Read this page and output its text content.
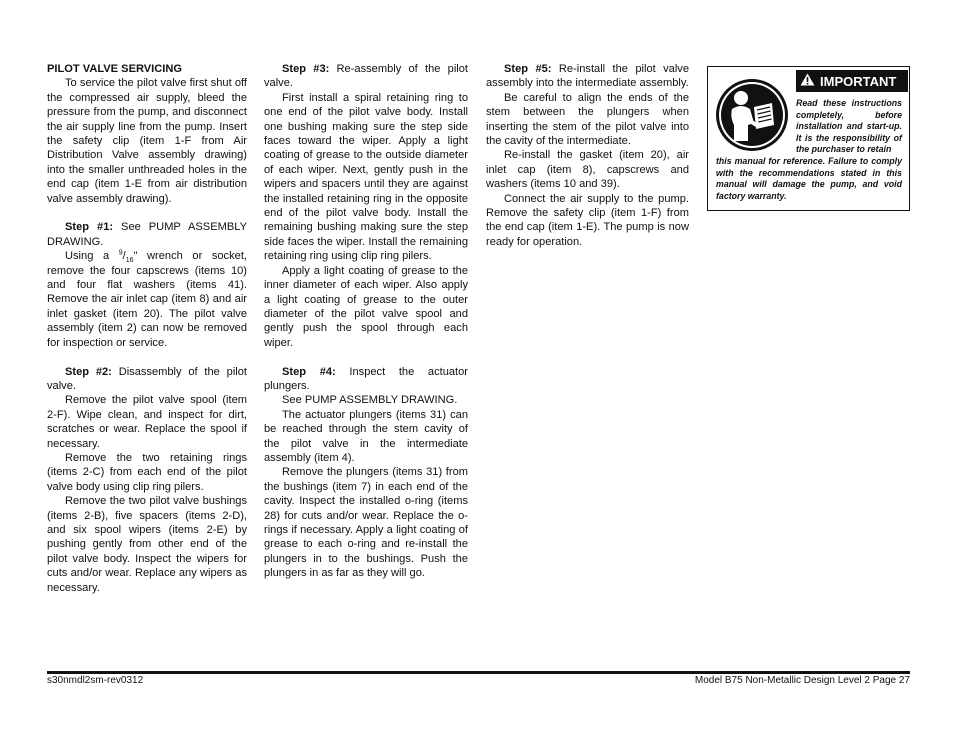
PILOT VALVE SERVICING

To service the pilot valve first shut off the compressed air supply, bleed the pressure from the pump, and disconnect the air supply line from the pump. Insert the safety clip (item 1-F from Air Distribution Valve assembly drawing) into the smaller unthreaded holes in the end cap (item 1-E from air distribution valve assembly drawing).

Step #1: See PUMP ASSEMBLY DRAWING.

Using a $^9/_{16}$" wrench or socket, remove the four capscrews (items 10) and four flat washers (items 41). Remove the air inlet cap (item 8) and air inlet gasket (item 20). The pilot valve assembly (item 2) can now be removed for inspection or service.

Step #2: Disassembly of the pilot valve.

Remove the pilot valve spool (item 2-F). Wipe clean, and inspect for dirt, scratches or wear. Replace the spool if necessary.

Remove the two retaining rings (items 2-C) from each end of the pilot valve body using clip ring pilers.

Remove the two pilot valve bushings (items 2-B), five spacers (items 2-D), and six spool wipers (items 2-E) by pushing gently from other end of the pilot valve body. Inspect the wipers for cuts and/or wear. Replace any wipers as necessary.

Step #3: Re-assembly of the pilot valve.

First install a spiral retaining ring to one end of the pilot valve body. Install one bushing making sure the step side faces toward the wiper. Apply a light coating of grease to the outside diameter of each wiper. Next, gently push in the wipers and spacers until they are against the installed retaining ring in the opposite end of the pilot valve body. Install the remaining bushing making sure the step side faces the wiper. Install the remaining retaining ring using clip ring pilers.

Apply a light coating of grease to the inner diameter of each wiper. Also apply a light coating of grease to the outer diameter of the pilot valve spool and gently push the spool through each wiper.

Step #4: Inspect the actuator plungers.

See PUMP ASSEMBLY DRAWING.

The actuator plungers (items 31) can be reached through the stem cavity of the pilot valve in the intermediate assembly (item 4).

Remove the plungers (items 31) from the bushings (item 7) in each end of the cavity. Inspect the installed o-ring (items 28) for cuts and/or wear. Replace the o-rings if necessary. Apply a light coating of grease to each o-ring and re-install the plungers in to the bushings. Push the plungers in as far as they will go.

Step #5: Re-install the pilot valve assembly into the intermediate assembly.

Be careful to align the ends of the stem between the plungers when inserting the stem of the pilot valve into the cavity of the intermediate.

Re-install the gasket (item 20), air inlet cap (item 8), capscrews and washers (items 10 and 39).

Connect the air supply to the pump. Remove the safety clip (item 1-F) from the end cap (item 1-E). The pump is now ready for operation.

IMPORTANT
Read these instructions completely, before installation and start-up. It is the responsibility of the purchaser to retain
this manual for reference. Failure to comply with the recommendations stated in this manual will damage the pump, and void factory warranty.
s30nmdl2sm-rev0312	Model B75 Non-Metallic Design Level 2 Page 27
